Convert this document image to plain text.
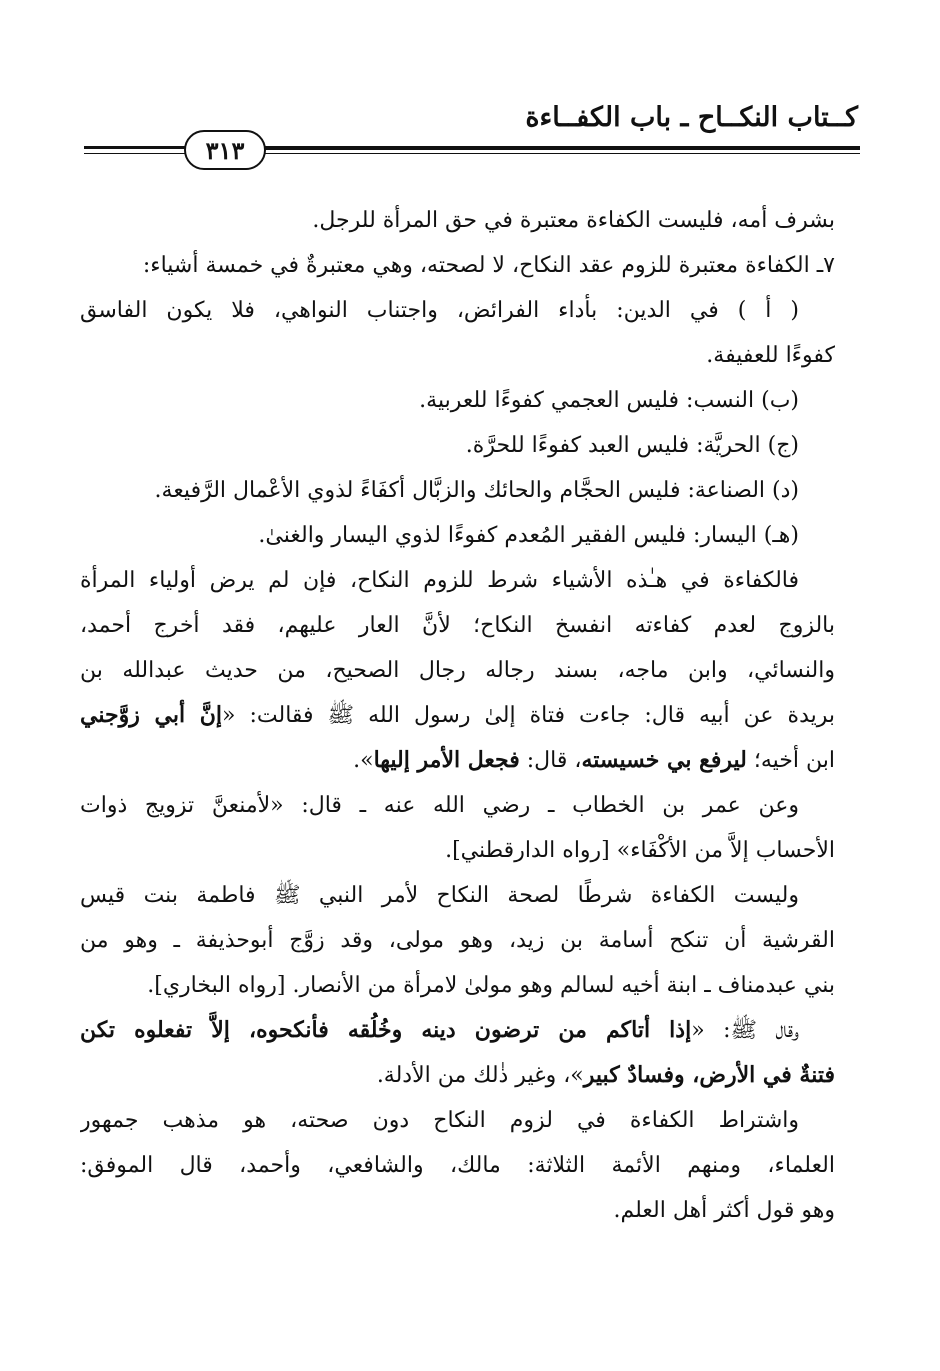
كــتاب النكــاح ـ باب الكفــاءة
٣١٣
بشرف أمه، فليست الكفاءة معتبرة في حق المرأة للرجل.
٧ـ الكفاءة معتبرة للزوم عقد النكاح، لا لصحته، وهي معتبرةٌ في خمسة أشياء:
( أ ) في الدين: بأداء الفرائض، واجتناب النواهي، فلا يكون الفاسق
كفوءًا للعفيفة.
(ب) النسب: فليس العجمي كفوءًا للعربية.
(ج) الحريَّة: فليس العبد كفوءًا للحرَّة.
(د) الصناعة: فليس الحجَّام والحائك والزبَّال أكفَاءً لذوي الأعْمال الرَّفيعة.
(هـ) اليسار: فليس الفقير المُعدم كفوءًا لذوي اليسار والغنىٰ.
فالكفاءة في هـٰذه الأشياء شرط للزوم النكاح، فإن لم يرض أولياء المرأة
بالزوج لعدم كفاءته انفسخ النكاح؛ لأنَّ العار عليهم، فقد أخرج أحمد،
والنسائي، وابن ماجه، بسند رجاله رجال الصحيح، من حديث عبدالله بن
بريدة عن أبيه قال: جاءت فتاة إلىٰ رسول الله ﷺ فقالت: «إنَّ أبي زوَّجني
ابن أخيه؛ ليرفع بي خسيسته، قال: فجعل الأمر إليها».
وعن عمر بن الخطاب ـ رضي الله عنه ـ قال: «لأمنعنَّ تزويج ذوات
الأحساب إلاَّ من الأكْفَاء» [رواه الدارقطني].
وليست الكفاءة شرطًا لصحة النكاح لأمر النبي ﷺ فاطمة بنت قيس
القرشية أن تنكح أسامة بن زيد، وهو مولى، وقد زوَّج أبوحذيفة ـ وهو من
بني عبدمناف ـ ابنة أخيه لسالم وهو مولىٰ لامرأة من الأنصار. [رواه البخاري].
وقال ﷺ: «إذا أتاكم من ترضون دينه وخُلُقه فأنكحوه، إلاَّ تفعلوه تكن
فتنةٌ في الأرض، وفسادٌ كبير»، وغير ذٰلك من الأدلة.
واشتراط الكفاءة في لزوم النكاح دون صحته، هو مذهب جمهور
العلماء، ومنهم الأئمة الثلاثة: مالك، والشافعي، وأحمد، قال الموفق:
وهو قول أكثر أهل العلم.
